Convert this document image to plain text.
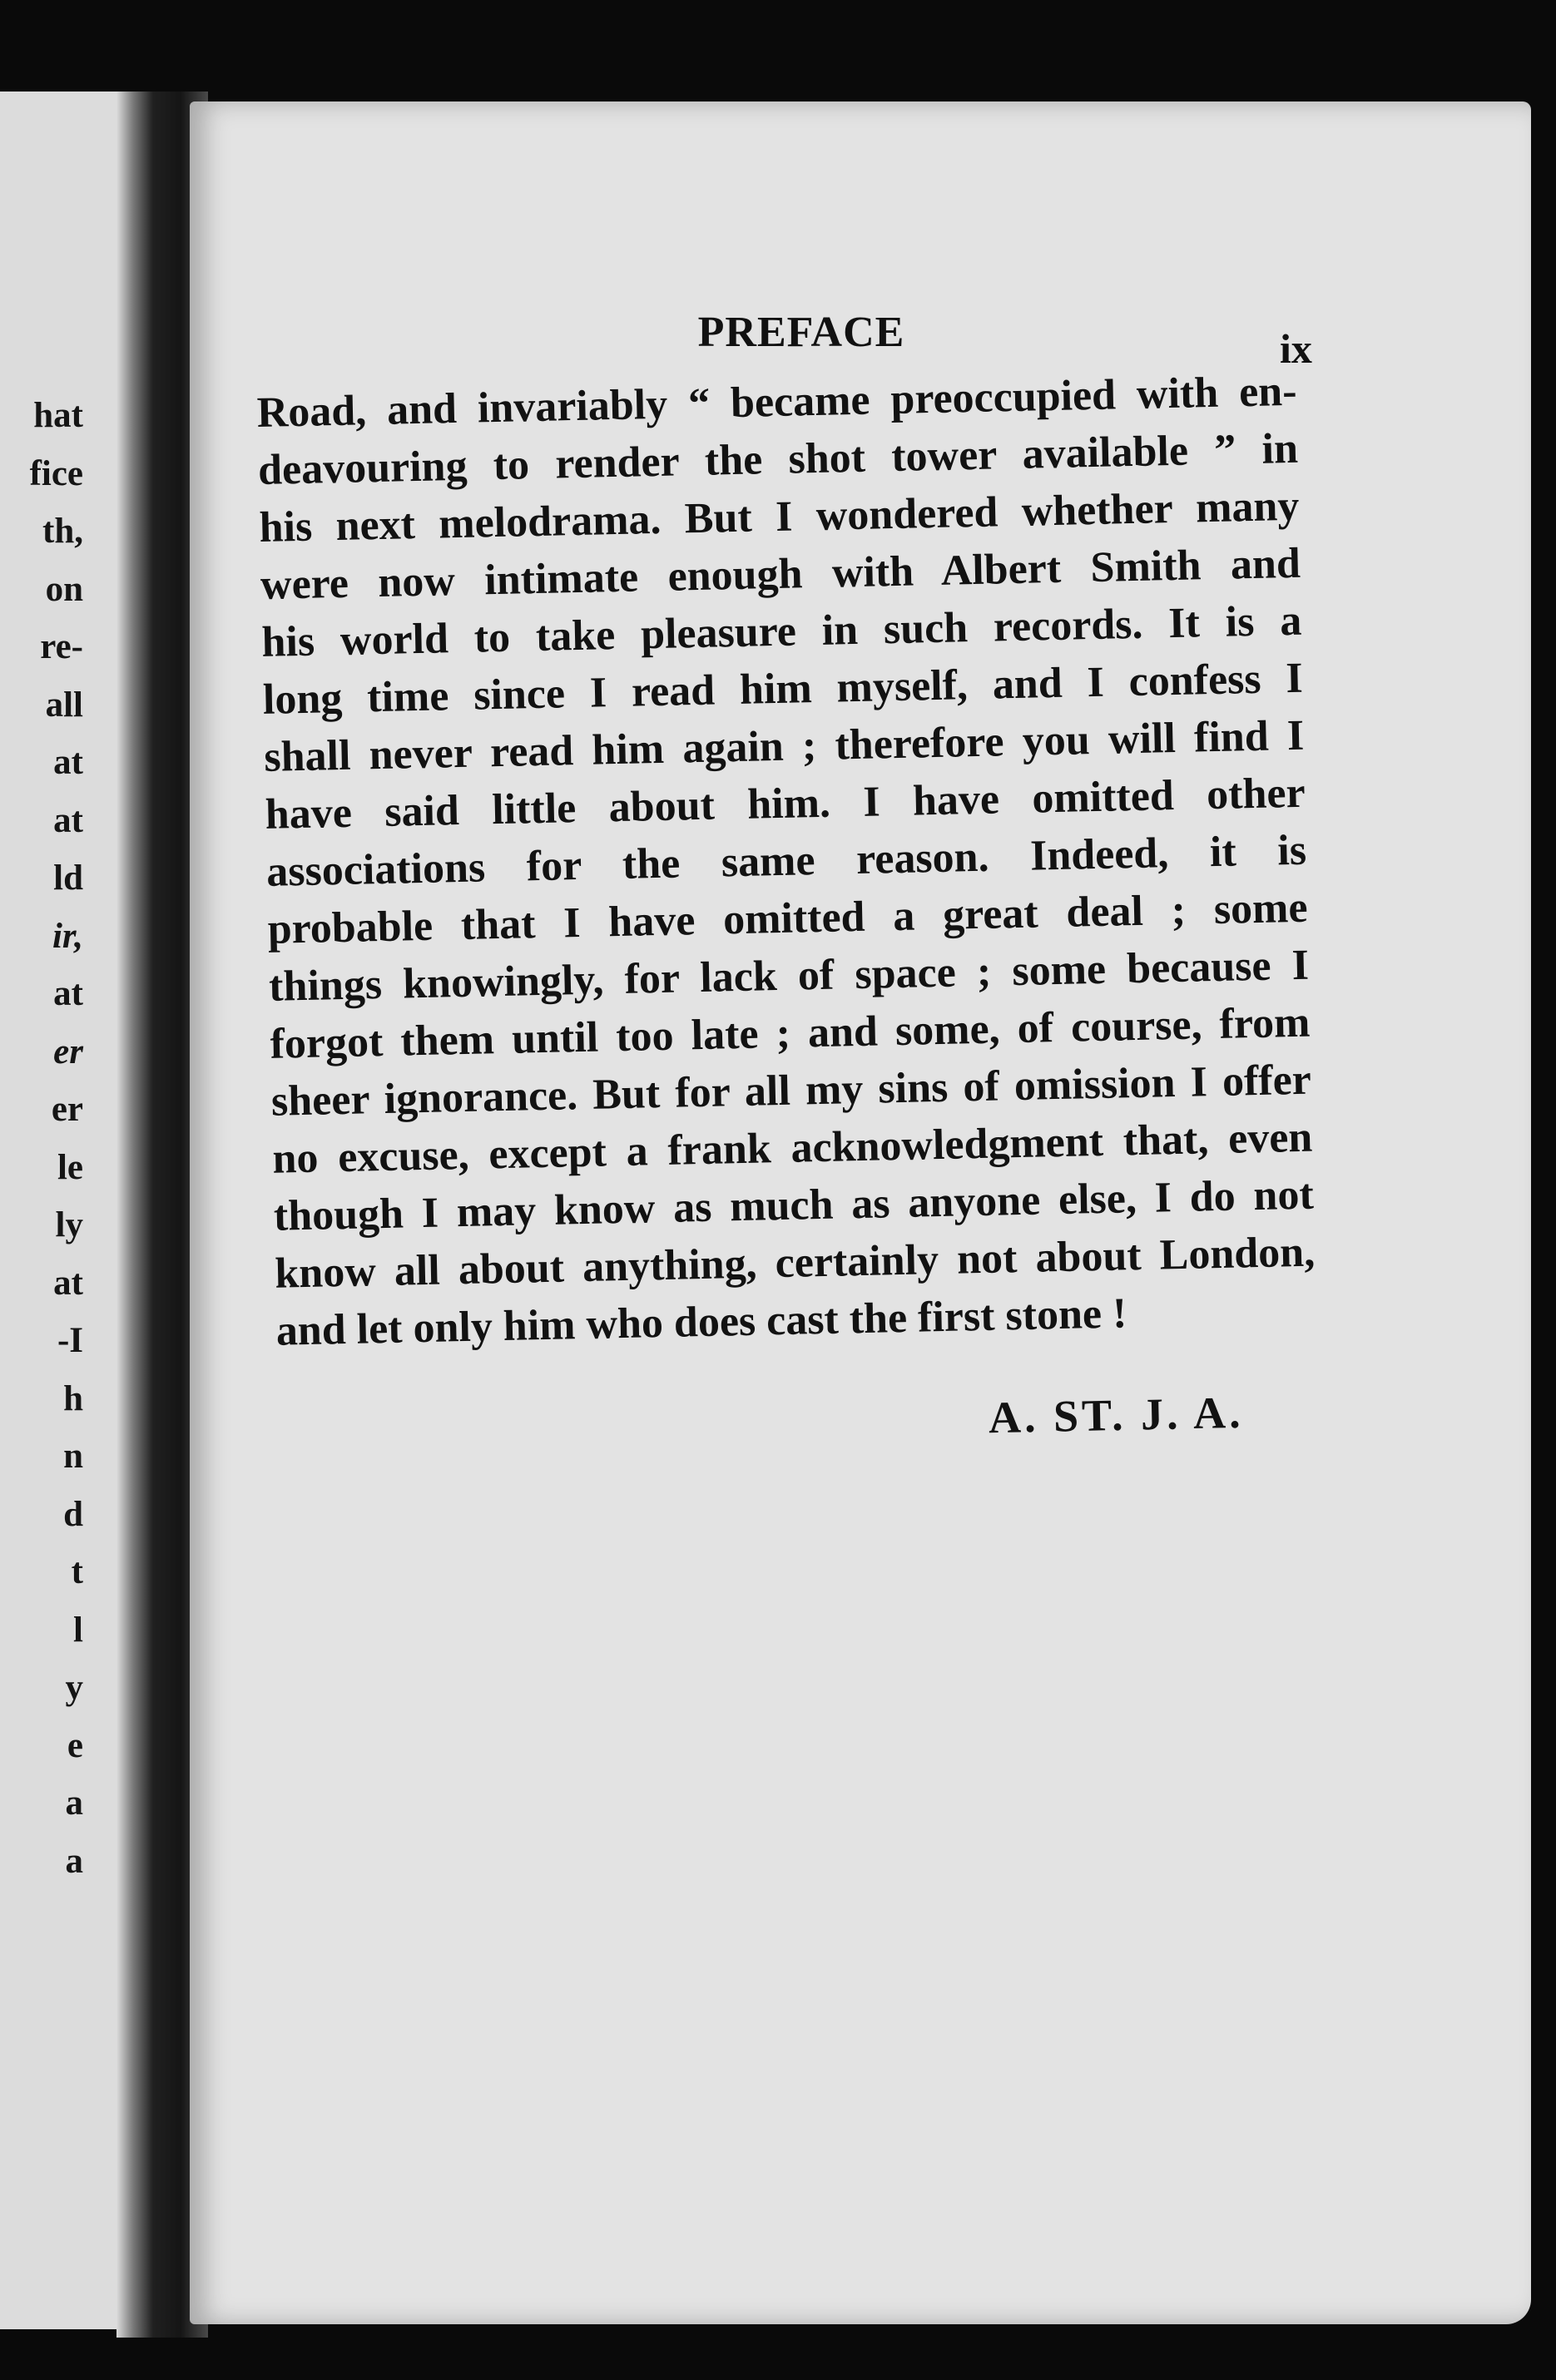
hat
fice
th,
on
re-
all
at
at
ld
ir,
at
er
er
le
ly
at
-I
h
n
d
t
l
y
e
a
a
PREFACE	ix
Road, and invariably “ became preoccupied with en-
deavouring to render the shot tower available ” in
his next melodrama. But I wondered whether many
were now intimate enough with Albert Smith and
his world to take pleasure in such records. It is a
long time since I read him myself, and I confess I
shall never read him again ; therefore you will find I
have said little about him. I have omitted other
associations for the same reason. Indeed, it is
probable that I have omitted a great deal ; some
things knowingly, for lack of space ; some because I
forgot them until too late ; and some, of course, from
sheer ignorance. But for all my sins of omission I offer
no excuse, except a frank acknowledgment that, even
though I may know as much as anyone else, I do not
know all about anything, certainly not about London,
and let only him who does cast the first stone !
A. ST. J. A.
